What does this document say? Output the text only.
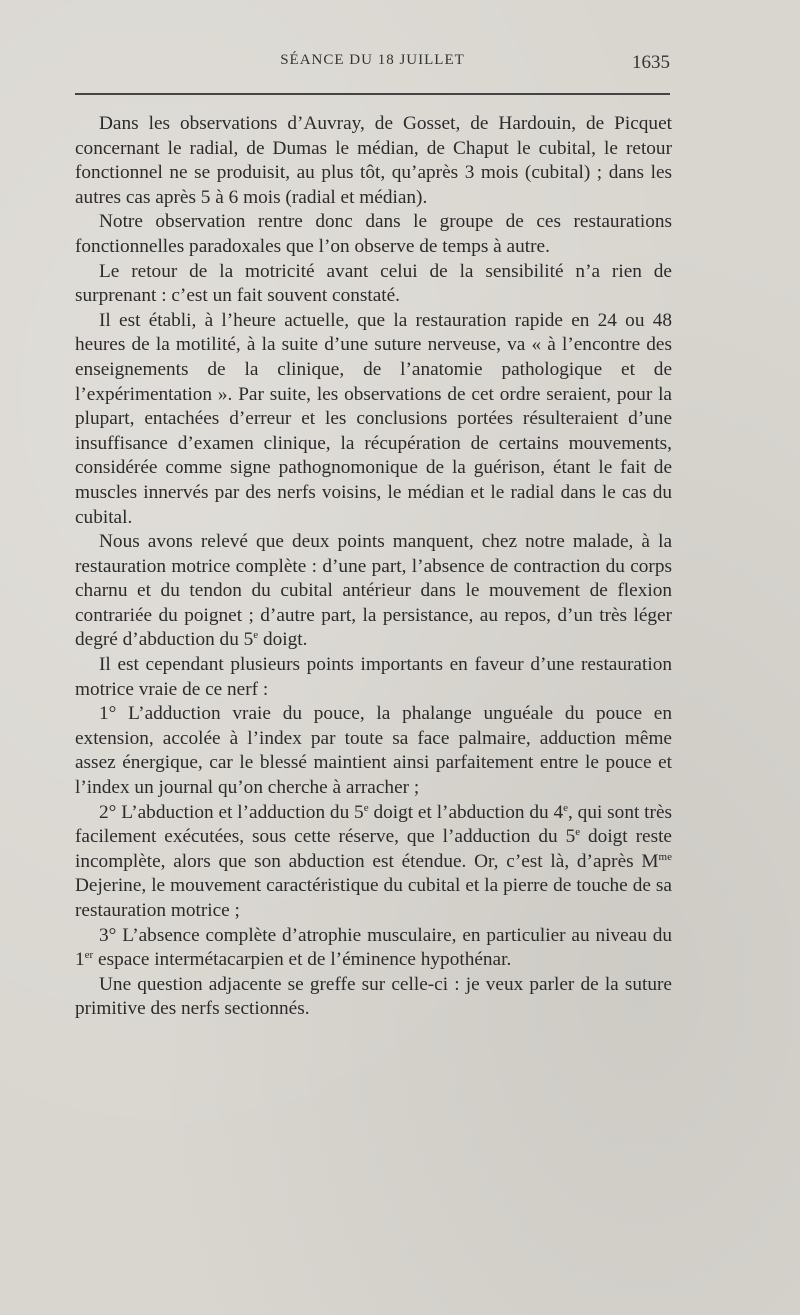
SÉANCE DU 18 JUILLET	1635

Dans les observations d’Auvray, de Gosset, de Hardouin, de Picquet concernant le radial, de Dumas le médian, de Chaput le cubital, le retour fonctionnel ne se produisit, au plus tôt, qu’après 3 mois (cubital) ; dans les autres cas après 5 à 6 mois (radial et médian).

Notre observation rentre donc dans le groupe de ces restaurations fonctionnelles paradoxales que l’on observe de temps à autre.

Le retour de la motricité avant celui de la sensibilité n’a rien de surprenant : c’est un fait souvent constaté.

Il est établi, à l’heure actuelle, que la restauration rapide en 24 ou 48 heures de la motilité, à la suite d’une suture nerveuse, va « à l’encontre des enseignements de la clinique, de l’anatomie pathologique et de l’expérimentation ». Par suite, les observations de cet ordre seraient, pour la plupart, entachées d’erreur et les conclusions portées résulteraient d’une insuffisance d’examen clinique, la récupération de certains mouvements, considérée comme signe pathognomonique de la guérison, étant le fait de muscles innervés par des nerfs voisins, le médian et le radial dans le cas du cubital.

Nous avons relevé que deux points manquent, chez notre malade, à la restauration motrice complète : d’une part, l’absence de contraction du corps charnu et du tendon du cubital antérieur dans le mouvement de flexion contrariée du poignet ; d’autre part, la persistance, au repos, d’un très léger degré d’abduction du 5e doigt.

Il est cependant plusieurs points importants en faveur d’une restauration motrice vraie de ce nerf :

1° L’adduction vraie du pouce, la phalange unguéale du pouce en extension, accolée à l’index par toute sa face palmaire, adduction même assez énergique, car le blessé maintient ainsi parfaitement entre le pouce et l’index un journal qu’on cherche à arracher ;

2° L’abduction et l’adduction du 5e doigt et l’abduction du 4e, qui sont très facilement exécutées, sous cette réserve, que l’adduction du 5e doigt reste incomplète, alors que son abduction est étendue. Or, c’est là, d’après $M^{me}$ Dejerine, le mouvement caractéristique du cubital et la pierre de touche de sa restauration motrice ;

3° L’absence complète d’atrophie musculaire, en particulier au niveau du 1er espace intermétacarpien et de l’éminence hypothénar.

Une question adjacente se greffe sur celle-ci : je veux parler de la suture primitive des nerfs sectionnés.
